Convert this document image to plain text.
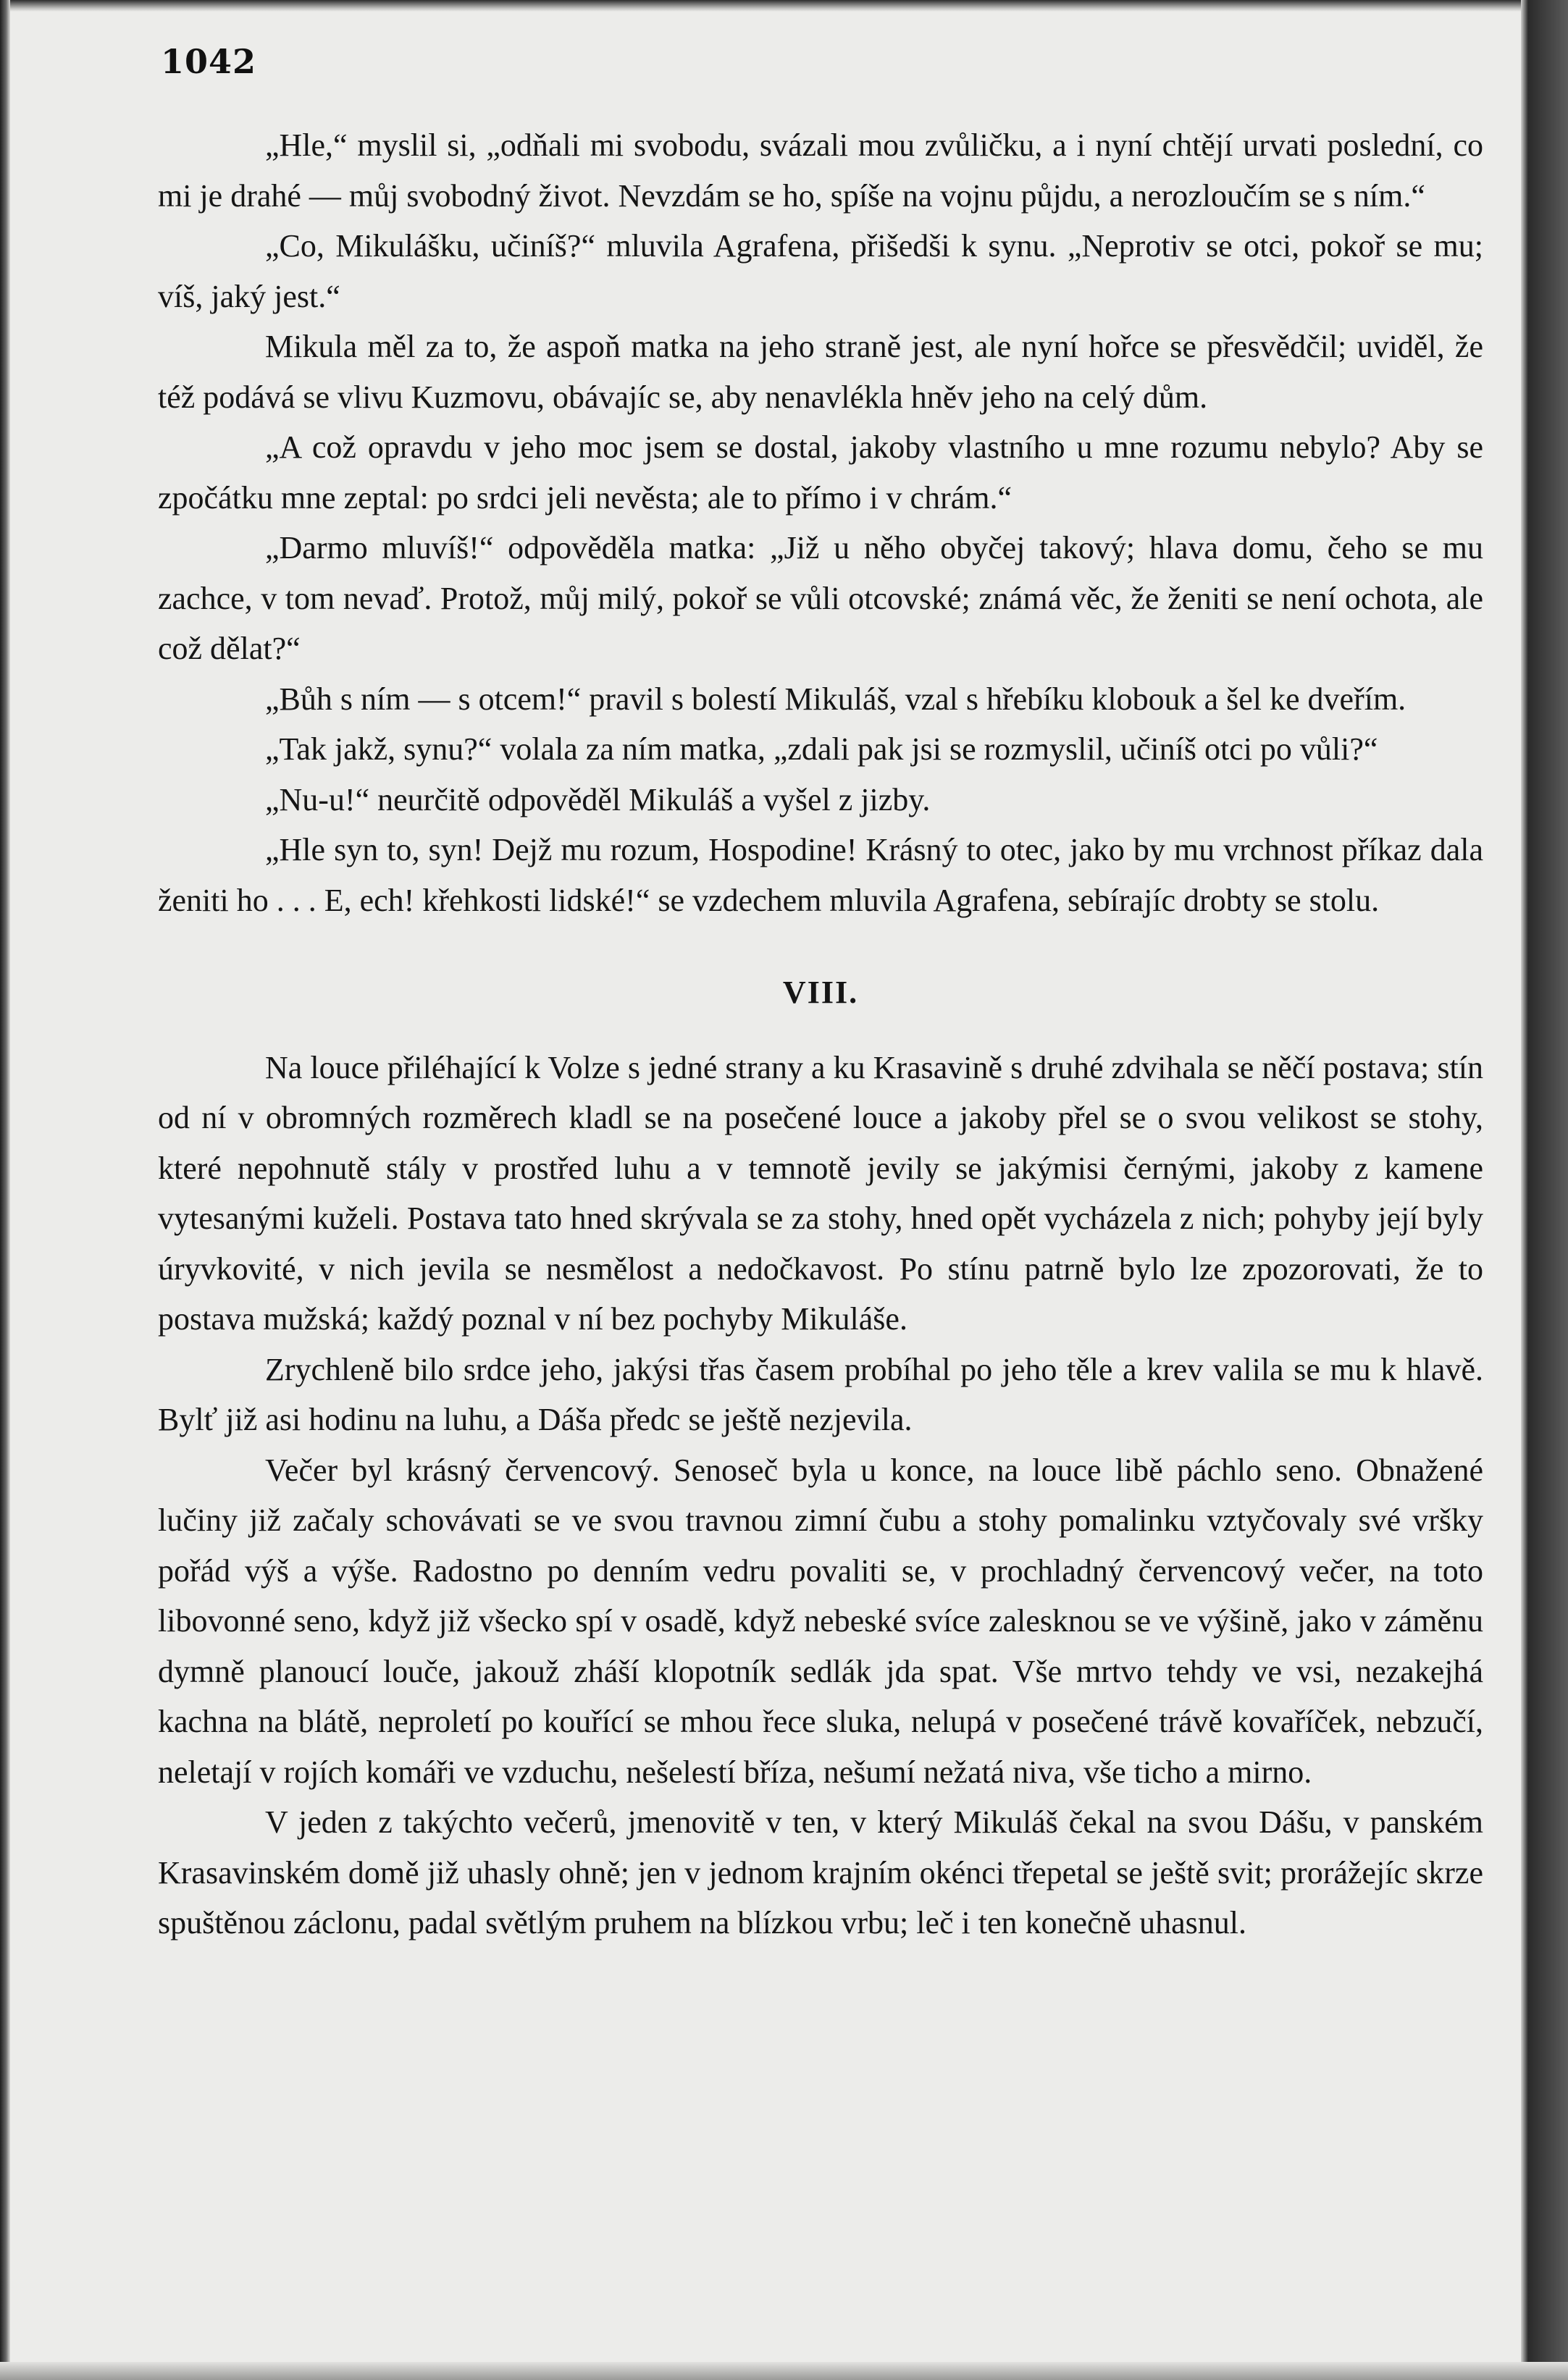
1042

„Hle,“ myslil si, „odňali mi svobodu, svázali mou zvůličku, a i nyní chtějí urvati poslední, co mi je drahé — můj svobodný život. Nevzdám se ho, spíše na vojnu půjdu, a nerozloučím se s ním.“

„Co, Mikulášku, učiníš?“ mluvila Agrafena, přišedši k synu. „Neprotiv se otci, pokoř se mu; víš, jaký jest.“

Mikula měl za to, že aspoň matka na jeho straně jest, ale nyní hořce se přesvědčil; uviděl, že též podává se vlivu Kuzmovu, obávajíc se, aby nenavlékla hněv jeho na celý dům.

„A což opravdu v jeho moc jsem se dostal, jakoby vlastního u mne rozumu nebylo? Aby se zpočátku mne zeptal: po srdci jeli nevěsta; ale to přímo i v chrám.“

„Darmo mluvíš!“ odpověděla matka: „Již u něho obyčej takový; hlava domu, čeho se mu zachce, v tom nevaď. Protož, můj milý, pokoř se vůli otcovské; známá věc, že ženiti se není ochota, ale což dělat?“

„Bůh s ním — s otcem!“ pravil s bolestí Mikuláš, vzal s hřebíku klobouk a šel ke dveřím.

„Tak jakž, synu?“ volala za ním matka, „zdali pak jsi se rozmyslil, učiníš otci po vůli?“

„Nu-u!“ neurčitě odpověděl Mikuláš a vyšel z jizby.

„Hle syn to, syn! Dejž mu rozum, Hospodine! Krásný to otec, jako by mu vrchnost příkaz dala ženiti ho . . . E, ech! křehkosti lidské!“ se vzdechem mluvila Agrafena, sebírajíc drobty se stolu.

VIII.

Na louce přiléhající k Volze s jedné strany a ku Krasavině s druhé zdvihala se něčí postava; stín od ní v obromných rozměrech kladl se na posečené louce a jakoby přel se o svou velikost se stohy, které nepohnutě stály v prostřed luhu a v temnotě jevily se jakýmisi černými, jakoby z kamene vytesanými kuželi. Postava tato hned skrývala se za stohy, hned opět vycházela z nich; pohyby její byly úryvkovité, v nich jevila se nesmělost a nedočkavost. Po stínu patrně bylo lze zpozorovati, že to postava mužská; každý poznal v ní bez pochyby Mikuláše.

Zrychleně bilo srdce jeho, jakýsi třas časem probíhal po jeho těle a krev valila se mu k hlavě. Bylť již asi hodinu na luhu, a Dáša předc se ještě nezjevila.

Večer byl krásný červencový. Senoseč byla u konce, na louce libě páchlo seno. Obnažené lučiny již začaly schovávati se ve svou travnou zimní čubu a stohy pomalinku vztyčovaly své vršky pořád výš a výše. Radostno po denním vedru povaliti se, v prochladný červencový večer, na toto libovonné seno, když již všecko spí v osadě, když nebeské svíce zalesknou se ve výšině, jako v záměnu dymně planoucí louče, jakouž zháší klopotník sedlák jda spat. Vše mrtvo tehdy ve vsi, nezakejhá kachna na blátě, neproletí po kouřící se mhou řece sluka, nelupá v posečené trávě kovaříček, nebzučí, neletají v rojích komáři ve vzduchu, nešelestí bříza, nešumí nežatá niva, vše ticho a mirno.

V jeden z takýchto večerů, jmenovitě v ten, v který Mikuláš čekal na svou Dášu, v panském Krasavinském domě již uhasly ohně; jen v jednom krajním okénci třepetal se ještě svit; prorážejíc skrze spuštěnou záclonu, padal světlým pruhem na blízkou vrbu; leč i ten konečně uhasnul.
